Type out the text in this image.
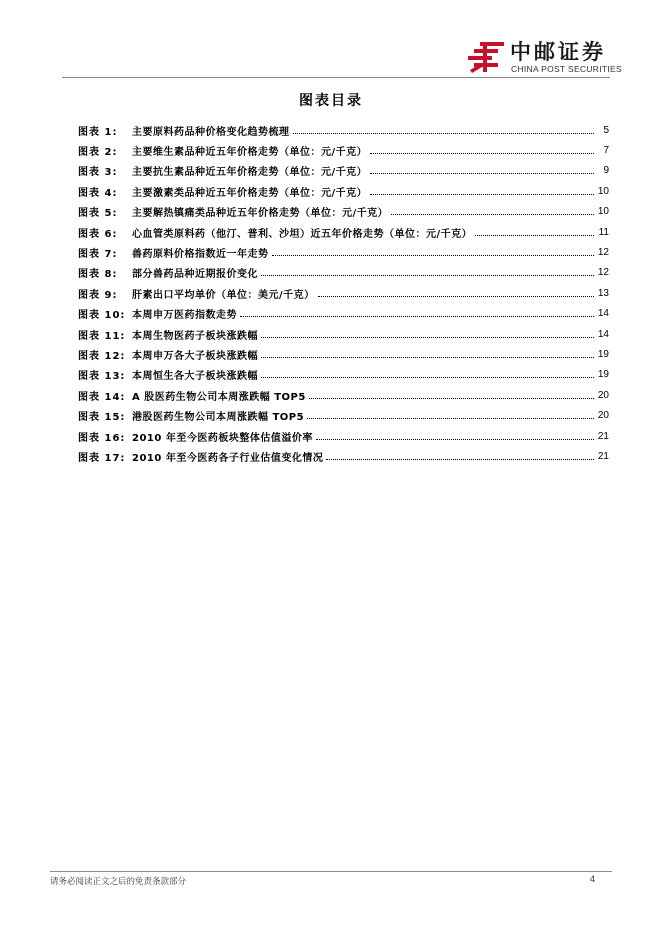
中邮证券
CHINA POST SECURITIES
图表目录
图表 1:	主要原料药品种价格变化趋势梳理	5
图表 2:	主要维生素品种近五年价格走势（单位：元/千克）	7
图表 3:	主要抗生素品种近五年价格走势（单位：元/千克）	9
图表 4:	主要激素类品种近五年价格走势（单位：元/千克）	10
图表 5:	主要解热镇痛类品种近五年价格走势（单位：元/千克）	10
图表 6:	心血管类原料药（他汀、普利、沙坦）近五年价格走势（单位：元/千克）	11
图表 7:	兽药原料价格指数近一年走势	12
图表 8:	部分兽药品种近期报价变化	12
图表 9:	肝素出口平均单价（单位：美元/千克）	13
图表 10: 本周申万医药指数走势	14
图表 11: 本周生物医药子板块涨跌幅	14
图表 12: 本周申万各大子板块涨跌幅	19
图表 13: 本周恒生各大子板块涨跌幅	19
图表 14: A 股医药生物公司本周涨跌幅 TOP5	20
图表 15: 港股医药生物公司本周涨跌幅 TOP5	20
图表 16: 2010 年至今医药板块整体估值溢价率	21
图表 17: 2010 年至今医药各子行业估值变化情况	21
请务必阅读正文之后的免责条款部分	4
